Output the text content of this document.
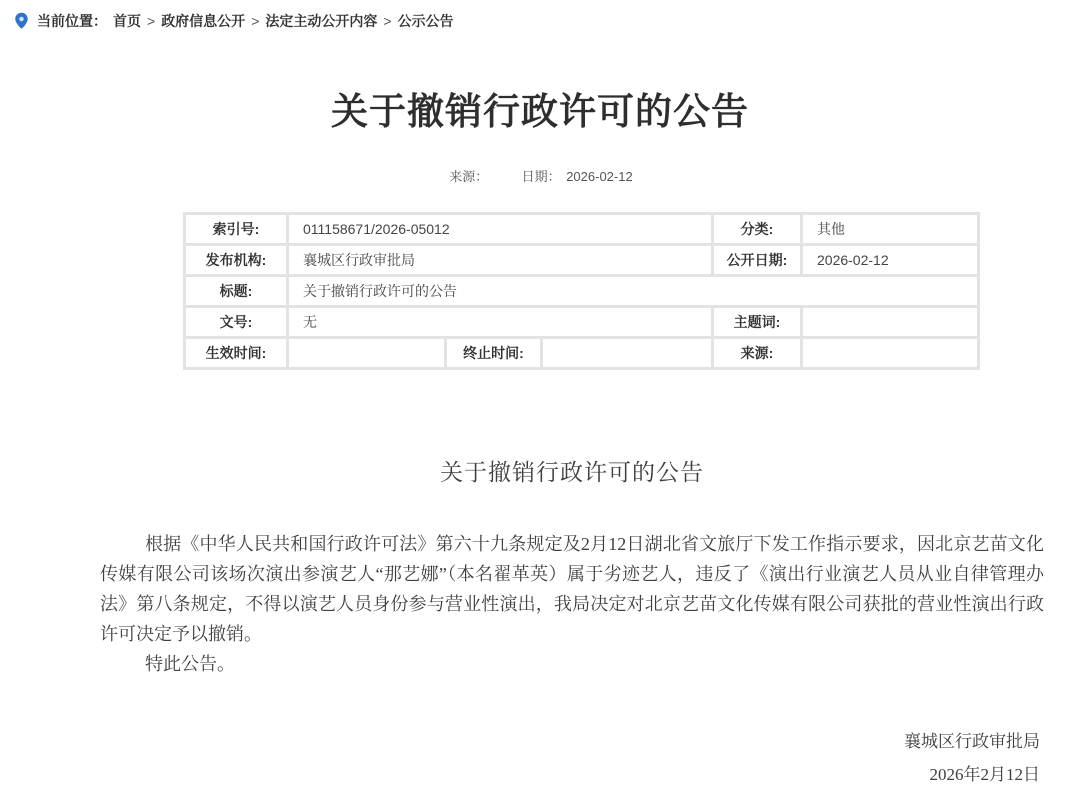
当前位置： 首页 > 政府信息公开 > 法定主动公开内容 > 公示公告
关于撤销行政许可的公告
来源：	日期： 2026-02-12
索引号:	011158671/2026-05012	分类:	其他
发布机构:	襄城区行政审批局	公开日期:	2026-02-12
标题:	关于撤销行政许可的公告
文号:	无	主题词:
生效时间:	终止时间:	来源:
关于撤销行政许可的公告

根据《中华人民共和国行政许可法》第六十九条规定及2月12日湖北省文旅厅下发工作指示要求，因北京艺苗文化传媒有限公司该场次演出参演艺人“那艺娜”（本名翟革英）属于劣迹艺人，违反了《演出行业演艺人员从业自律管理办法》第八条规定，不得以演艺人员身份参与营业性演出，我局决定对北京艺苗文化传媒有限公司获批的营业性演出行政许可决定予以撤销。

特此公告。

襄城区行政审批局
2026年2月12日
